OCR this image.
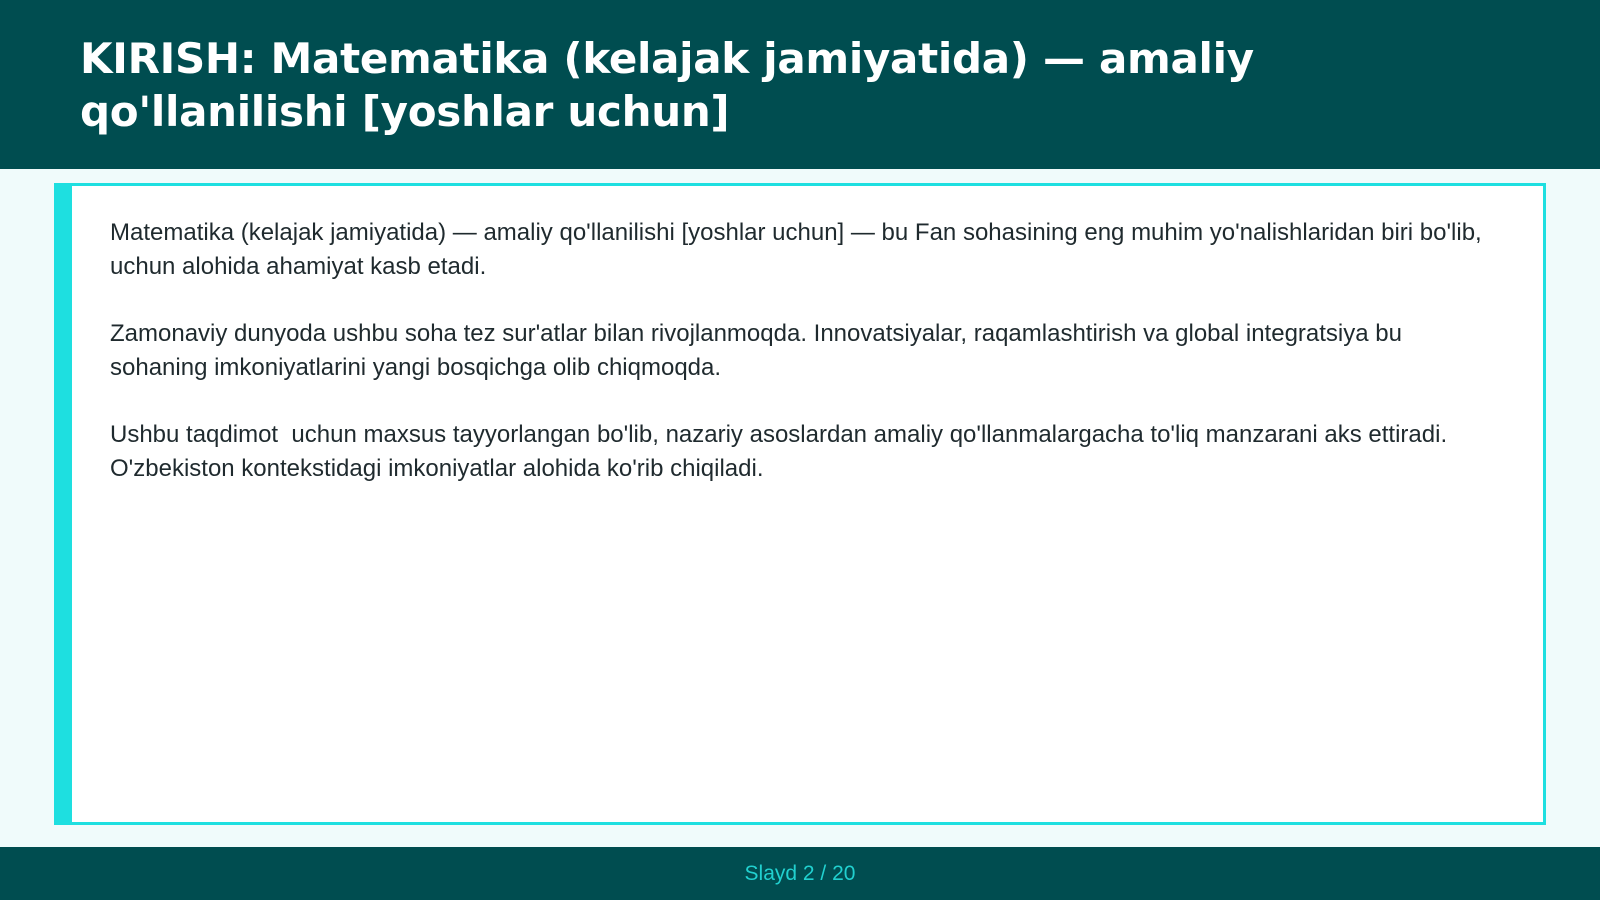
KIRISH: Matematika (kelajak jamiyatida) — amaliy qo'llanilishi [yoshlar uchun]

Matematika (kelajak jamiyatida) — amaliy qo'llanilishi [yoshlar uchun] — bu Fan sohasining eng muhim yo'nalishlaridan biri bo'lib,  uchun alohida ahamiyat kasb etadi.

Zamonaviy dunyoda ushbu soha tez sur'atlar bilan rivojlanmoqda. Innovatsiyalar, raqamlashtirish va global integratsiya bu sohaning imkoniyatlarini yangi bosqichga olib chiqmoqda.

Ushbu taqdimot  uchun maxsus tayyorlangan bo'lib, nazariy asoslardan amaliy qo'llanmalargacha to'liq manzarani aks ettiradi. O'zbekiston kontekstidagi imkoniyatlar alohida ko'rib chiqiladi.

Slayd 2 / 20
